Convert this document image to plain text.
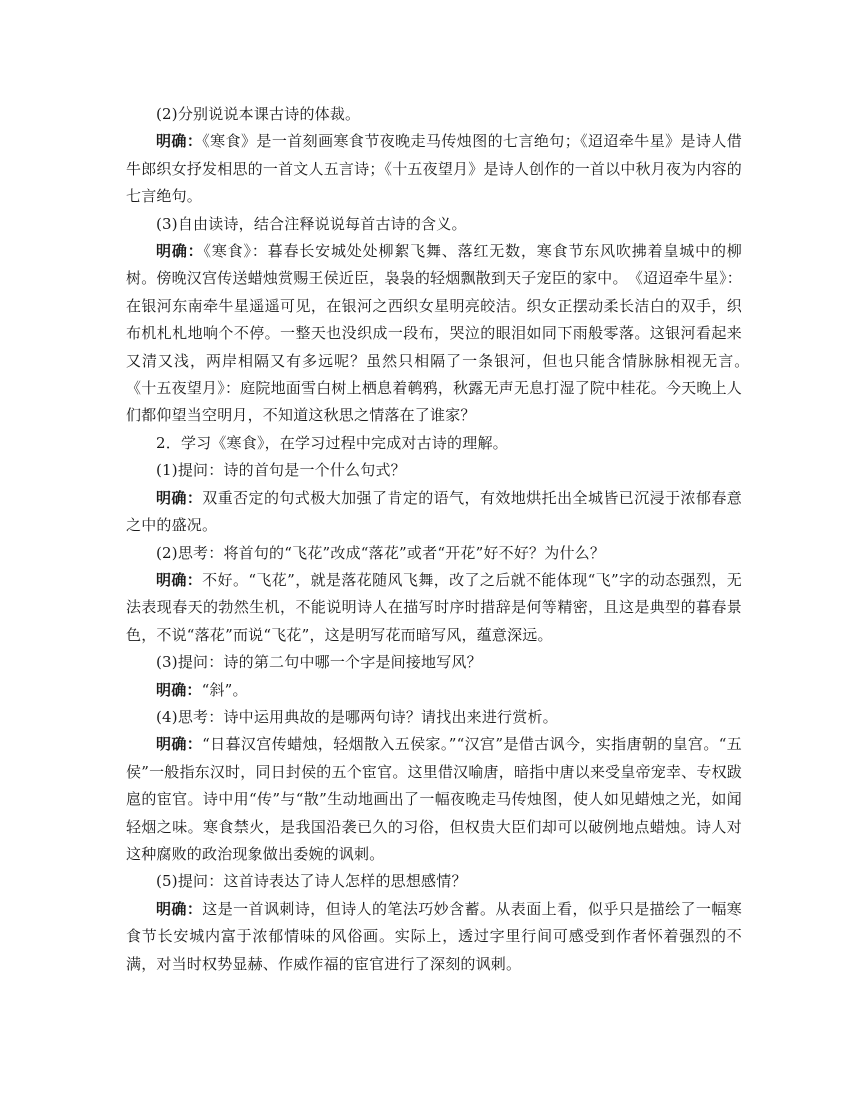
(2)分别说说本课古诗的体裁。

明确：《寒食》是一首刻画寒食节夜晚走马传烛图的七言绝句；《迢迢牵牛星》是诗人借牛郎织女抒发相思的一首文人五言诗；《十五夜望月》是诗人创作的一首以中秋月夜为内容的七言绝句。

(3)自由读诗，结合注释说说每首古诗的含义。

明确：《寒食》：暮春长安城处处柳絮飞舞、落红无数，寒食节东风吹拂着皇城中的柳树。傍晚汉宫传送蜡烛赏赐王侯近臣，袅袅的轻烟飘散到天子宠臣的家中。　《迢迢牵牛星》：在银河东南牵牛星遥遥可见，在银河之西织女星明亮皎洁。织女正摆动柔长洁白的双手，织布机札札地响个不停。一整天也没织成一段布，哭泣的眼泪如同下雨般零落。这银河看起来又清又浅，两岸相隔又有多远呢？虽然只相隔了一条银河，但也只能含情脉脉相视无言。　《十五夜望月》：庭院地面雪白树上栖息着鹌鸦，秋露无声无息打湿了院中桂花。今天晚上人们都仰望当空明月，不知道这秋思之情落在了谁家？

2．学习《寒食》，在学习过程中完成对古诗的理解。

(1)提问：诗的首句是一个什么句式？

明确：双重否定的句式极大加强了肯定的语气，有效地烘托出全城皆已沉浸于浓郁春意之中的盛况。

(2)思考：将首句的“飞花”改成“落花”或者“开花”好不好？为什么？

明确：不好。“飞花”，就是落花随风飞舞，改了之后就不能体现“飞”字的动态强烈，无法表现春天的勃然生机，不能说明诗人在描写时序时措辞是何等精密，且这是典型的暮春景色，不说“落花”而说“飞花”，这是明写花而暗写风，蕴意深远。

(3)提问：诗的第二句中哪一个字是间接地写风？

明确：“斜”。

(4)思考：诗中运用典故的是哪两句诗？请找出来进行赏析。

明确：“日暮汉宫传蜡烛，轻烟散入五侯家。”“汉宫”是借古讽今，实指唐朝的皇宫。“五侯”一般指东汉时，同日封侯的五个宦官。这里借汉喻唐，暗指中唐以来受皇帝宠幸、专权跋扈的宦官。诗中用“传”与“散”生动地画出了一幅夜晚走马传烛图，使人如见蜡烛之光，如闻轻烟之味。寒食禁火，是我国沿袭已久的习俗，但权贵大臣们却可以破例地点蜡烛。诗人对这种腐败的政治现象做出委婉的讽刺。

(5)提问：这首诗表达了诗人怎样的思想感情？

明确：这是一首讽刺诗，但诗人的笔法巧妙含蓄。从表面上看，似乎只是描绘了一幅寒食节长安城内富于浓郁情味的风俗画。实际上，透过字里行间可感受到作者怀着强烈的不满，对当时权势显赫、作威作福的宦官进行了深刻的讽刺。
